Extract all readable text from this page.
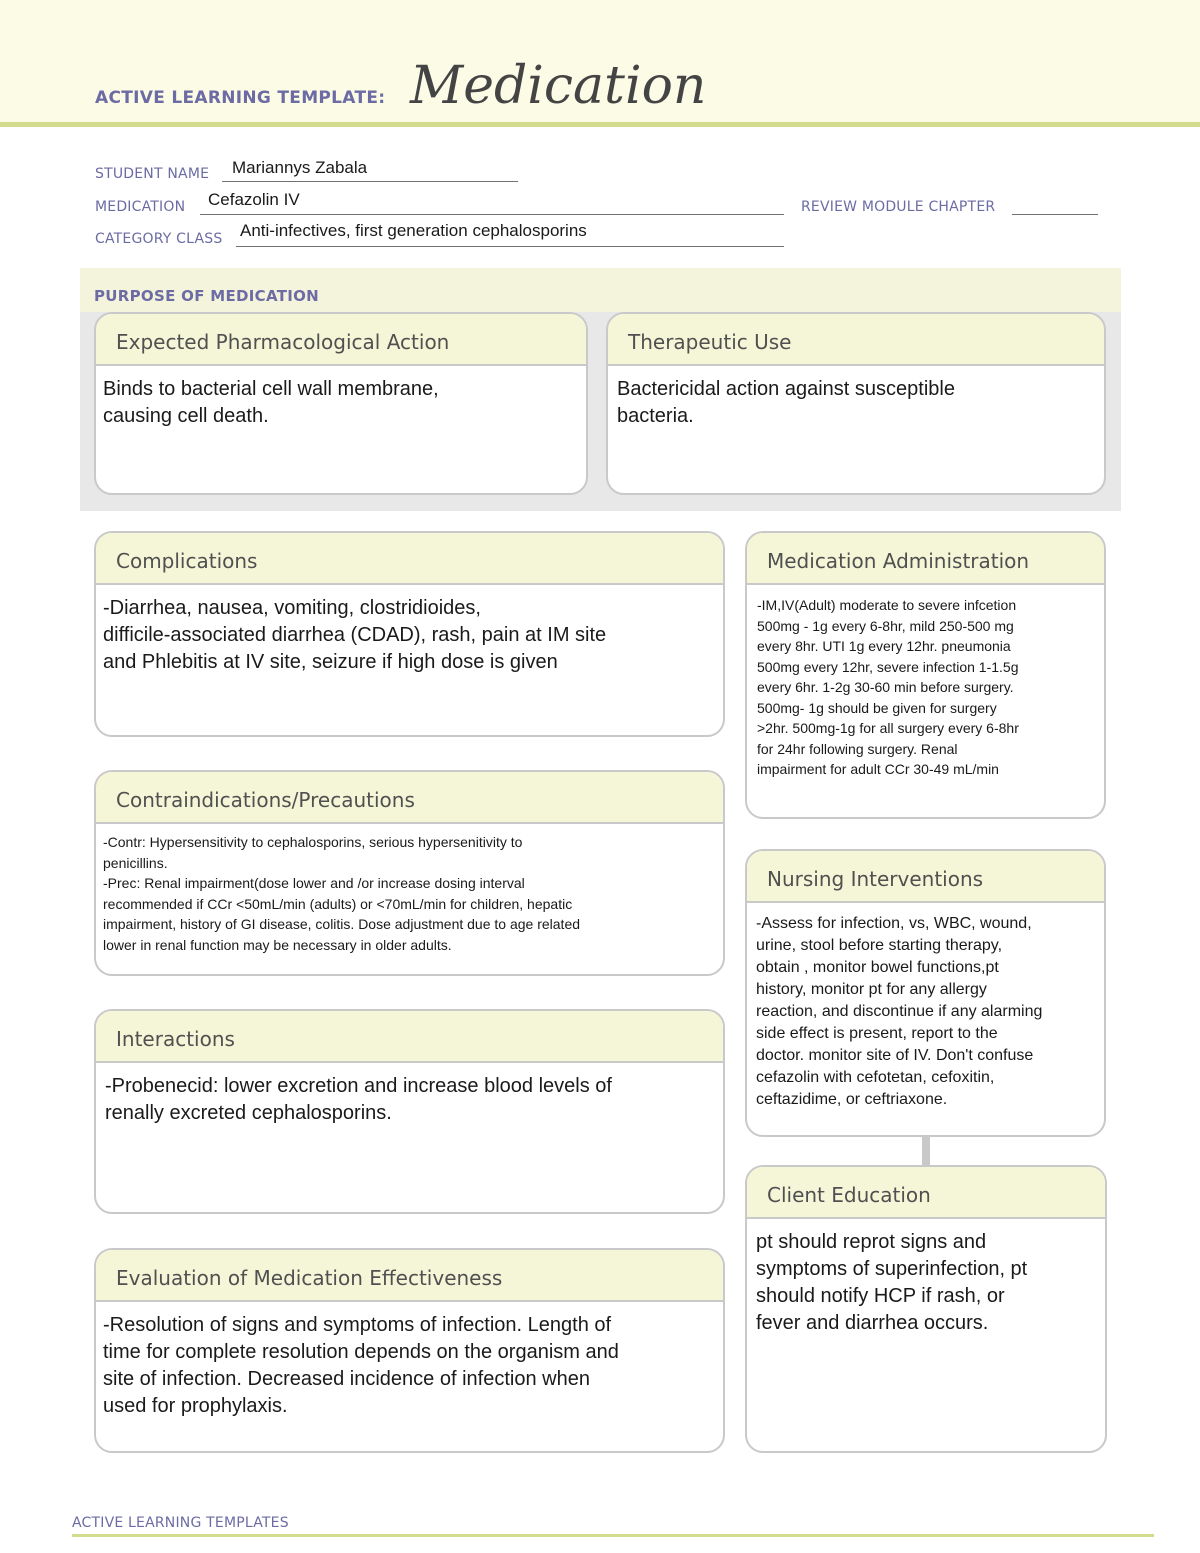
ACTIVE LEARNING TEMPLATE: Medication
STUDENT NAME Mariannys Zabala
MEDICATION Cefazolin IV	REVIEW MODULE CHAPTER
CATEGORY CLASS Anti-infectives, first generation cephalosporins
PURPOSE OF MEDICATION
Expected Pharmacological Action
Binds to bacterial cell wall membrane,
causing cell death.
Therapeutic Use
Bactericidal action against susceptible
bacteria.
Complications
-Diarrhea, nausea, vomiting, clostridioides,
difficile-associated diarrhea (CDAD), rash, pain at IM site
and Phlebitis at IV site, seizure if high dose is given
Medication Administration
-IM,IV(Adult) moderate to severe infcetion
500mg - 1g every 6-8hr, mild 250-500 mg
every 8hr. UTI 1g every 12hr. pneumonia
500mg every 12hr, severe infection 1-1.5g
every 6hr. 1-2g 30-60 min before surgery.
500mg- 1g should be given for surgery
>2hr. 500mg-1g for all surgery every 6-8hr
for 24hr following surgery. Renal
impairment for adult CCr 30-49 mL/min
Contraindications/Precautions
-Contr: Hypersensitivity to cephalosporins, serious hypersenitivity to
penicillins.
-Prec: Renal impairment(dose lower and /or increase dosing interval
recommended if CCr <50mL/min (adults) or <70mL/min for children, hepatic
impairment, history of GI disease, colitis. Dose adjustment due to age related
lower in renal function may be necessary in older adults.
Nursing Interventions
-Assess for infection, vs, WBC, wound,
urine, stool before starting therapy,
obtain , monitor bowel functions,pt
history, monitor pt for any allergy
reaction, and discontinue if any alarming
side effect is present, report to the
doctor. monitor site of IV. Don't confuse
cefazolin with cefotetan, cefoxitin,
ceftazidime, or ceftriaxone.
Interactions
-Probenecid: lower excretion and increase blood levels of
renally excreted cephalosporins.
Client Education
pt should reprot signs and
symptoms of superinfection, pt
should notify HCP if rash, or
fever and diarrhea occurs.
Evaluation of Medication Effectiveness
-Resolution of signs and symptoms of infection. Length of
time for complete resolution depends on the organism and
site of infection. Decreased incidence of infection when
used for prophylaxis.
ACTIVE LEARNING TEMPLATES
